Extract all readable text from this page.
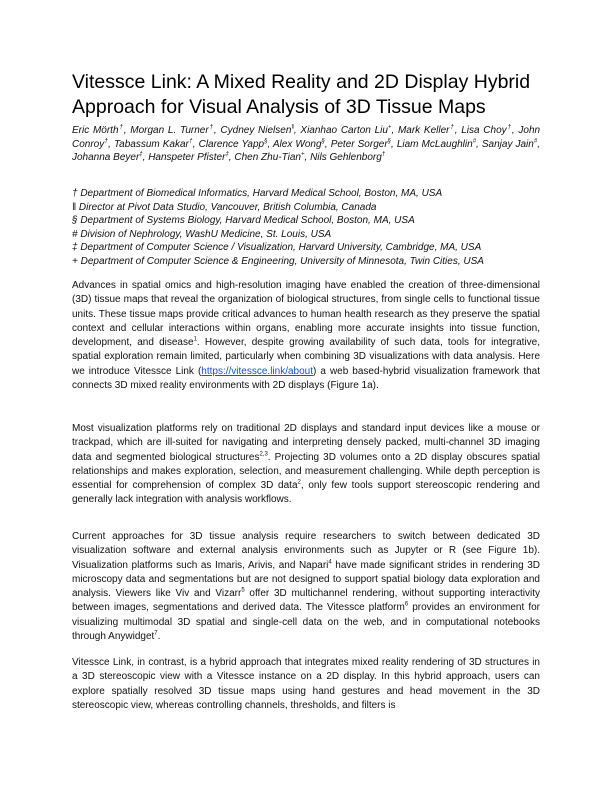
Vitessce Link: A Mixed Reality and 2D Display Hybrid Approach for Visual Analysis of 3D Tissue Maps
Eric Mörth†, Morgan L. Turner†, Cydney Nielsen‖, Xianhao Carton Liu+, Mark Keller†, Lisa Choy†, John Conroy†, Tabassum Kakar†, Clarence Yapp§, Alex Wong§, Peter Sorger§, Liam McLaughlin#, Sanjay Jain#, Johanna Beyer‡, Hanspeter Pfister‡, Chen Zhu-Tian+, Nils Gehlenborg†
† Department of Biomedical Informatics, Harvard Medical School, Boston, MA, USA
‖ Director at Pivot Data Studio, Vancouver, British Columbia, Canada
§ Department of Systems Biology, Harvard Medical School, Boston, MA, USA
# Division of Nephrology, WashU Medicine, St. Louis, USA
‡ Department of Computer Science / Visualization, Harvard University, Cambridge, MA, USA
+ Department of Computer Science & Engineering, University of Minnesota, Twin Cities, USA

Advances in spatial omics and high-resolution imaging have enabled the creation of three-dimensional (3D) tissue maps that reveal the organization of biological structures, from single cells to functional tissue units. These tissue maps provide critical advances to human health research as they preserve the spatial context and cellular interactions within organs, enabling more accurate insights into tissue function, development, and disease$^1$. However, despite growing availability of such data, tools for integrative, spatial exploration remain limited, particularly when combining 3D visualizations with data analysis. Here we introduce Vitessce Link (https://vitessce.link/about) a web based-hybrid visualization framework that connects 3D mixed reality environments with 2D displays (Figure 1a).

Most visualization platforms rely on traditional 2D displays and standard input devices like a mouse or trackpad, which are ill-suited for navigating and interpreting densely packed, multi-channel 3D imaging data and segmented biological structures$^{2,3}$. Projecting 3D volumes onto a 2D display obscures spatial relationships and makes exploration, selection, and measurement challenging. While depth perception is essential for comprehension of complex 3D data$^2$, only few tools support stereoscopic rendering and generally lack integration with analysis workflows.

Current approaches for 3D tissue analysis require researchers to switch between dedicated 3D visualization software and external analysis environments such as Jupyter or R (see Figure 1b). Visualization platforms such as Imaris, Arivis, and Napari$^4$ have made significant strides in rendering 3D microscopy data and segmentations but are not designed to support spatial biology data exploration and analysis. Viewers like Viv and Vizarr$^5$ offer 3D multichannel rendering, without supporting interactivity between images, segmentations and derived data. The Vitessce platform$^6$ provides an environment for visualizing multimodal 3D spatial and single-cell data on the web, and in computational notebooks through Anywidget$^7$.

Vitessce Link, in contrast, is a hybrid approach that integrates mixed reality rendering of 3D structures in a 3D stereoscopic view with a Vitessce instance on a 2D display. In this hybrid approach, users can explore spatially resolved 3D tissue maps using hand gestures and head movement in the 3D stereoscopic view, whereas controlling channels, thresholds, and filters is
